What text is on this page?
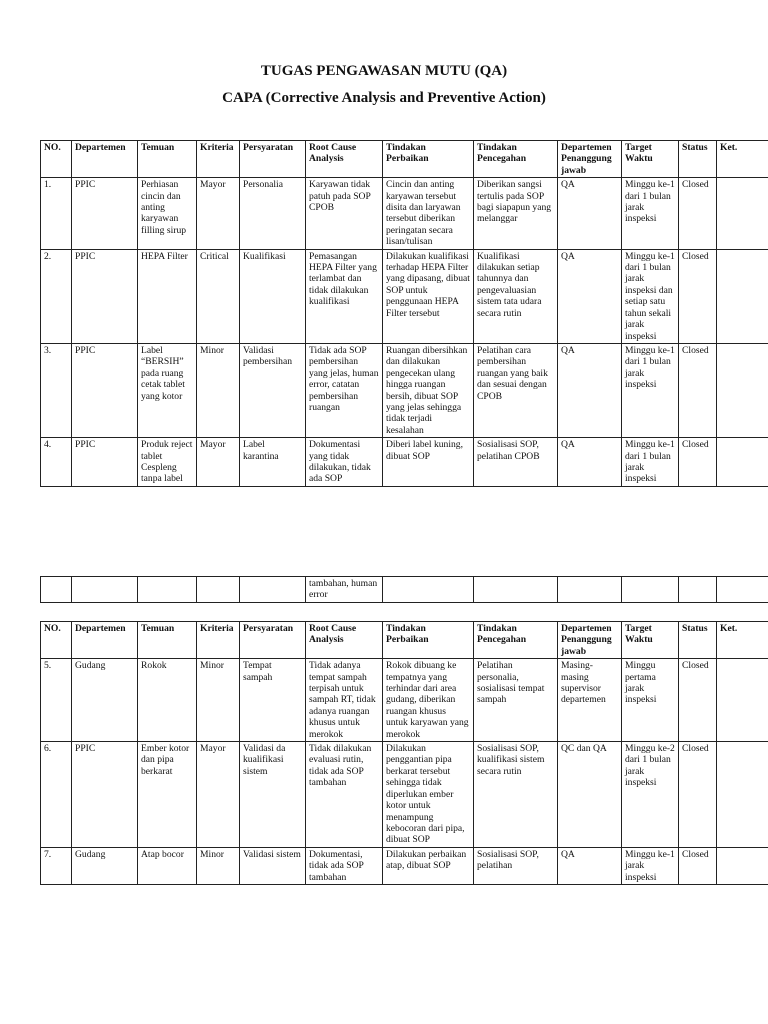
TUGAS PENGAWASAN MUTU (QA)
CAPA (Corrective Analysis and Preventive Action)
NO.	Departemen	Temuan	Kriteria	Persyaratan	Root Cause Analysis	Tindakan Perbaikan	Tindakan Pencegahan	Departemen Penanggung jawab	Target Waktu	Status	Ket.
1.	PPIC	Perhiasan cincin dan anting karyawan filling sirup	Mayor	Personalia	Karyawan tidak patuh pada SOP CPOB	Cincin dan anting karyawan tersebut disita dan laryawan tersebut diberikan peringatan secara lisan/tulisan	Diberikan sangsi tertulis pada SOP bagi siapapun yang melanggar	QA	Minggu ke-1 dari 1 bulan jarak inspeksi	Closed	
2.	PPIC	HEPA Filter	Critical	Kualifikasi	Pemasangan HEPA Filter yang terlambat dan tidak dilakukan kualifikasi	Dilakukan kualifikasi terhadap HEPA Filter yang dipasang, dibuat SOP untuk penggunaan HEPA Filter tersebut	Kualifikasi dilakukan setiap tahunnya dan pengevaluasian sistem tata udara secara rutin	QA	Minggu ke-1 dari 1 bulan jarak inspeksi dan setiap satu tahun sekali jarak inspeksi	Closed	
3.	PPIC	Label “BERSIH” pada ruang cetak tablet yang kotor	Minor	Validasi pembersihan	Tidak ada SOP pembersihan yang jelas, human error, catatan pembersihan ruangan	Ruangan dibersihkan dan dilakukan pengecekan ulang hingga ruangan bersih, dibuat SOP yang jelas sehingga tidak terjadi kesalahan	Pelatihan cara pembersihan ruangan yang baik dan sesuai dengan CPOB	QA	Minggu ke-1 dari 1 bulan jarak inspeksi	Closed	
4.	PPIC	Produk reject tablet Cespleng tanpa label	Mayor	Label karantina	Dokumentasi yang tidak dilakukan, tidak ada SOP	Diberi label kuning, dibuat SOP	Sosialisasi SOP, pelatihan CPOB	QA	Minggu ke-1 dari 1 bulan jarak inspeksi	Closed	
					tambahan, human error						
NO.	Departemen	Temuan	Kriteria	Persyaratan	Root Cause Analysis	Tindakan Perbaikan	Tindakan Pencegahan	Departemen Penanggung jawab	Target Waktu	Status	Ket.
5.	Gudang	Rokok	Minor	Tempat sampah	Tidak adanya tempat sampah terpisah untuk sampah RT, tidak adanya ruangan khusus untuk merokok	Rokok dibuang ke tempatnya yang terhindar dari area gudang, diberikan ruangan khusus untuk karyawan yang merokok	Pelatihan personalia, sosialisasi tempat sampah	Masing-masing supervisor departemen	Minggu pertama jarak inspeksi	Closed	
6.	PPIC	Ember kotor dan pipa berkarat	Mayor	Validasi da kualifikasi sistem	Tidak dilakukan evaluasi rutin, tidak ada SOP tambahan	Dilakukan penggantian pipa berkarat tersebut sehingga tidak diperlukan ember kotor untuk menampung kebocoran dari pipa, dibuat SOP	Sosialisasi SOP, kualifikasi sistem secara rutin	QC dan QA	Minggu ke-2 dari 1 bulan jarak inspeksi	Closed	
7.	Gudang	Atap bocor	Minor	Validasi sistem	Dokumentasi, tidak ada SOP tambahan	Dilakukan perbaikan atap, dibuat SOP	Sosialisasi SOP, pelatihan	QA	Minggu ke-1 jarak inspeksi	Closed	
